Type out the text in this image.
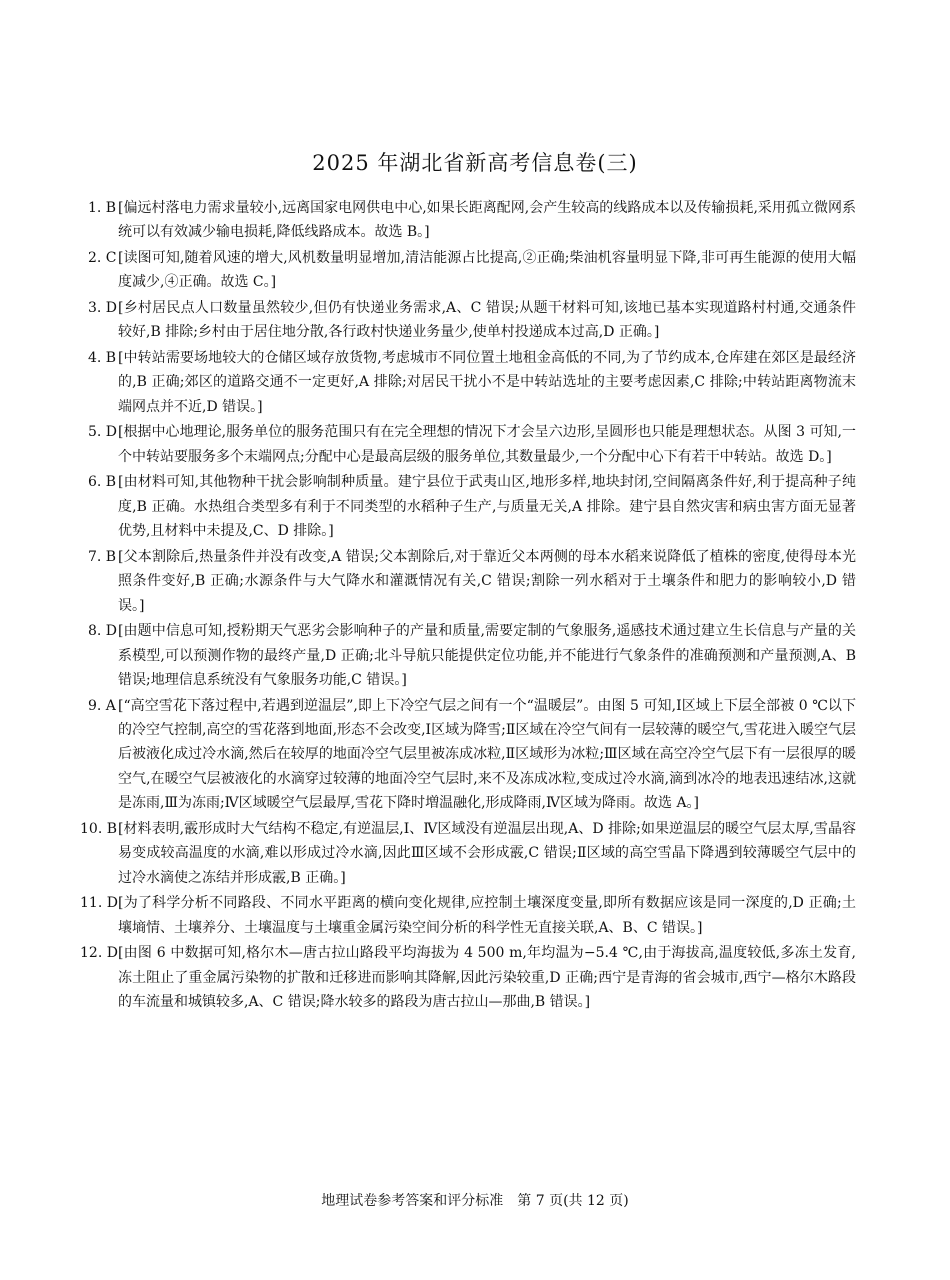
2025 年湖北省新高考信息卷(三)
1. B [偏远村落电力需求量较小,远离国家电网供电中心,如果长距离配网,会产生较高的线路成本以及传输损耗,采用孤立微网系统可以有效减少输电损耗,降低线路成本。故选 B。]
2. C [读图可知,随着风速的增大,风机数量明显增加,清洁能源占比提高,②正确;柴油机容量明显下降,非可再生能源的使用大幅度减少,④正确。故选 C。]
3. D [乡村居民点人口数量虽然较少,但仍有快递业务需求,A、C 错误;从题干材料可知,该地已基本实现道路村村通,交通条件较好,B 排除;乡村由于居住地分散,各行政村快递业务量少,使单村投递成本过高,D 正确。]
4. B [中转站需要场地较大的仓储区域存放货物,考虑城市不同位置土地租金高低的不同,为了节约成本,仓库建在郊区是最经济的,B 正确;郊区的道路交通不一定更好,A 排除;对居民干扰小不是中转站选址的主要考虑因素,C 排除;中转站距离物流末端网点并不近,D 错误。]
5. D [根据中心地理论,服务单位的服务范围只有在完全理想的情况下才会呈六边形,呈圆形也只能是理想状态。从图 3 可知,一个中转站要服务多个末端网点;分配中心是最高层级的服务单位,其数量最少,一个分配中心下有若干中转站。故选 D。]
6. B [由材料可知,其他物种干扰会影响制种质量。建宁县位于武夷山区,地形多样,地块封闭,空间隔离条件好,利于提高种子纯度,B 正确。水热组合类型多有利于不同类型的水稻种子生产,与质量无关,A 排除。建宁县自然灾害和病虫害方面无显著优势,且材料中未提及,C、D 排除。]
7. B [父本割除后,热量条件并没有改变,A 错误;父本割除后,对于靠近父本两侧的母本水稻来说降低了植株的密度,使得母本光照条件变好,B 正确;水源条件与大气降水和灌溉情况有关,C 错误;割除一列水稻对于土壤条件和肥力的影响较小,D 错误。]
8. D [由题中信息可知,授粉期天气恶劣会影响种子的产量和质量,需要定制的气象服务,遥感技术通过建立生长信息与产量的关系模型,可以预测作物的最终产量,D 正确;北斗导航只能提供定位功能,并不能进行气象条件的准确预测和产量预测,A、B 错误;地理信息系统没有气象服务功能,C 错误。]
9. A [“高空雪花下落过程中,若遇到逆温层”,即上下冷空气层之间有一个“温暖层”。由图 5 可知,Ⅰ区域上下层全部被 0 ℃以下的冷空气控制,高空的雪花落到地面,形态不会改变,Ⅰ区域为降雪;Ⅱ区域在冷空气间有一层较薄的暖空气,雪花进入暖空气层后被液化成过冷水滴,然后在较厚的地面冷空气层里被冻成冰粒,Ⅱ区域形为冰粒;Ⅲ区域在高空冷空气层下有一层很厚的暖空气,在暖空气层被液化的水滴穿过较薄的地面冷空气层时,来不及冻成冰粒,变成过冷水滴,滴到冰冷的地表迅速结冰,这就是冻雨,Ⅲ为冻雨;Ⅳ区域暖空气层最厚,雪花下降时増温融化,形成降雨,Ⅳ区域为降雨。故选 A。]
10. B [材料表明,霰形成时大气结构不稳定,有逆温层,Ⅰ、Ⅳ区域没有逆温层出现,A、D 排除;如果逆温层的暖空气层太厚,雪晶容易变成较高温度的水滴,难以形成过冷水滴,因此Ⅲ区域不会形成霰,C 错误;Ⅱ区域的高空雪晶下降遇到较薄暖空气层中的过冷水滴使之冻结并形成霰,B 正确。]
11. D [为了科学分析不同路段、不同水平距离的横向变化规律,应控制土壤深度变量,即所有数据应该是同一深度的,D 正确;土壤墒情、土壤养分、土壤温度与土壤重金属污染空间分析的科学性无直接关联,A、B、C 错误。]
12. D [由图 6 中数据可知,格尔木—唐古拉山路段平均海拔为 4 500 m,年均温为−5.4 ℃,由于海拔高,温度较低,多冻土发育,冻土阻止了重金属污染物的扩散和迁移进而影响其降解,因此污染较重,D 正确;西宁是青海的省会城市,西宁—格尔木路段的车流量和城镇较多,A、C 错误;降水较多的路段为唐古拉山—那曲,B 错误。]
地理试卷参考答案和评分标准　第 7 页(共 12 页)
